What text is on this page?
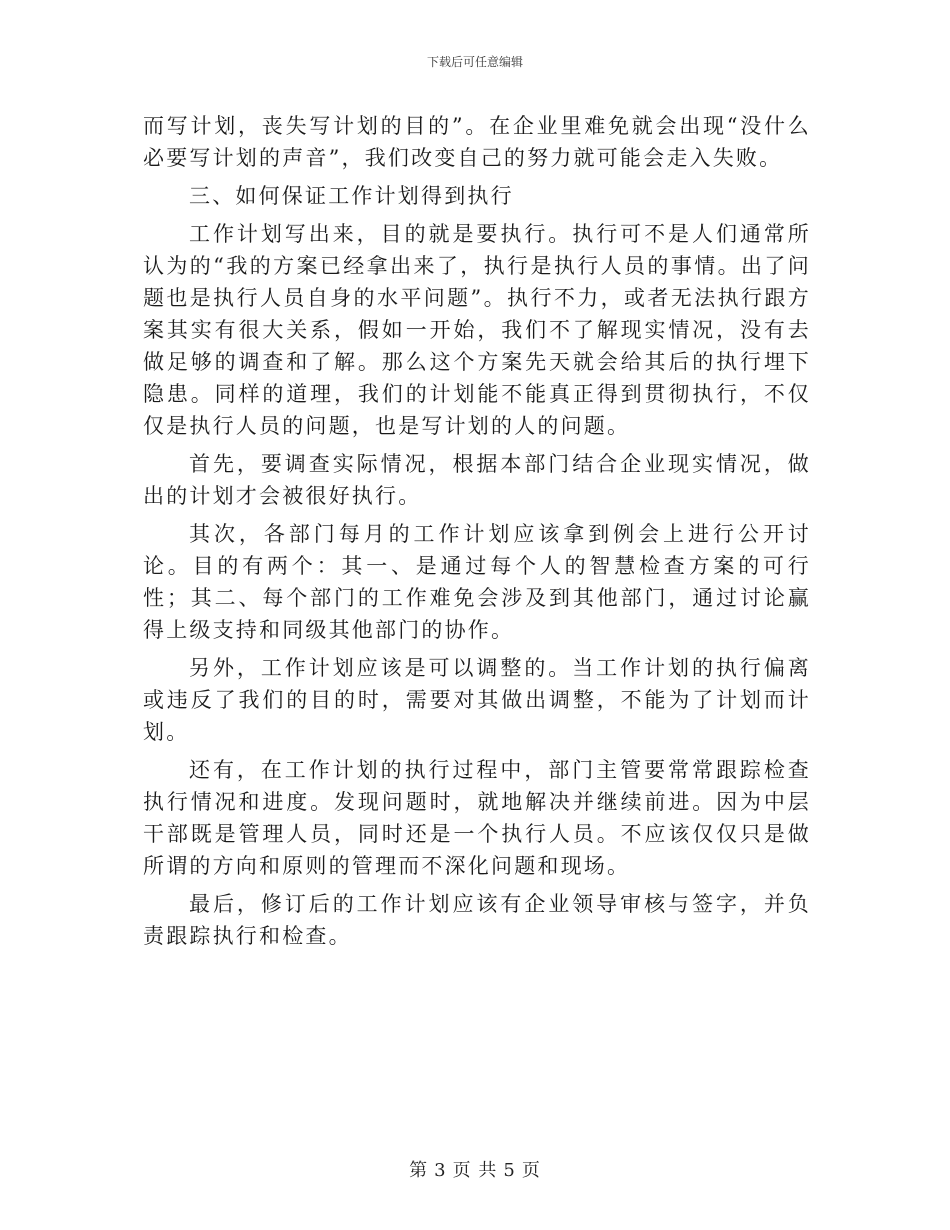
下载后可任意编辑

而写计划，丧失写计划的目的”。在企业里难免就会出现“没什么必要写计划的声音”，我们改变自己的努力就可能会走入失败。

三、如何保证工作计划得到执行

工作计划写出来，目的就是要执行。执行可不是人们通常所认为的“我的方案已经拿出来了，执行是执行人员的事情。出了问题也是执行人员自身的水平问题”。执行不力，或者无法执行跟方案其实有很大关系，假如一开始，我们不了解现实情况，没有去做足够的调查和了解。那么这个方案先天就会给其后的执行埋下隐患。同样的道理，我们的计划能不能真正得到贯彻执行，不仅仅是执行人员的问题，也是写计划的人的问题。

首先，要调查实际情况，根据本部门结合企业现实情况，做出的计划才会被很好执行。

其次，各部门每月的工作计划应该拿到例会上进行公开讨论。目的有两个：其一、是通过每个人的智慧检查方案的可行性；其二、每个部门的工作难免会涉及到其他部门，通过讨论赢得上级支持和同级其他部门的协作。

另外，工作计划应该是可以调整的。当工作计划的执行偏离或违反了我们的目的时，需要对其做出调整，不能为了计划而计划。

还有，在工作计划的执行过程中，部门主管要常常跟踪检查执行情况和进度。发现问题时，就地解决并继续前进。因为中层干部既是管理人员，同时还是一个执行人员。不应该仅仅只是做所谓的方向和原则的管理而不深化问题和现场。

最后，修订后的工作计划应该有企业领导审核与签字，并负责跟踪执行和检查。

第 3 页 共 5 页
